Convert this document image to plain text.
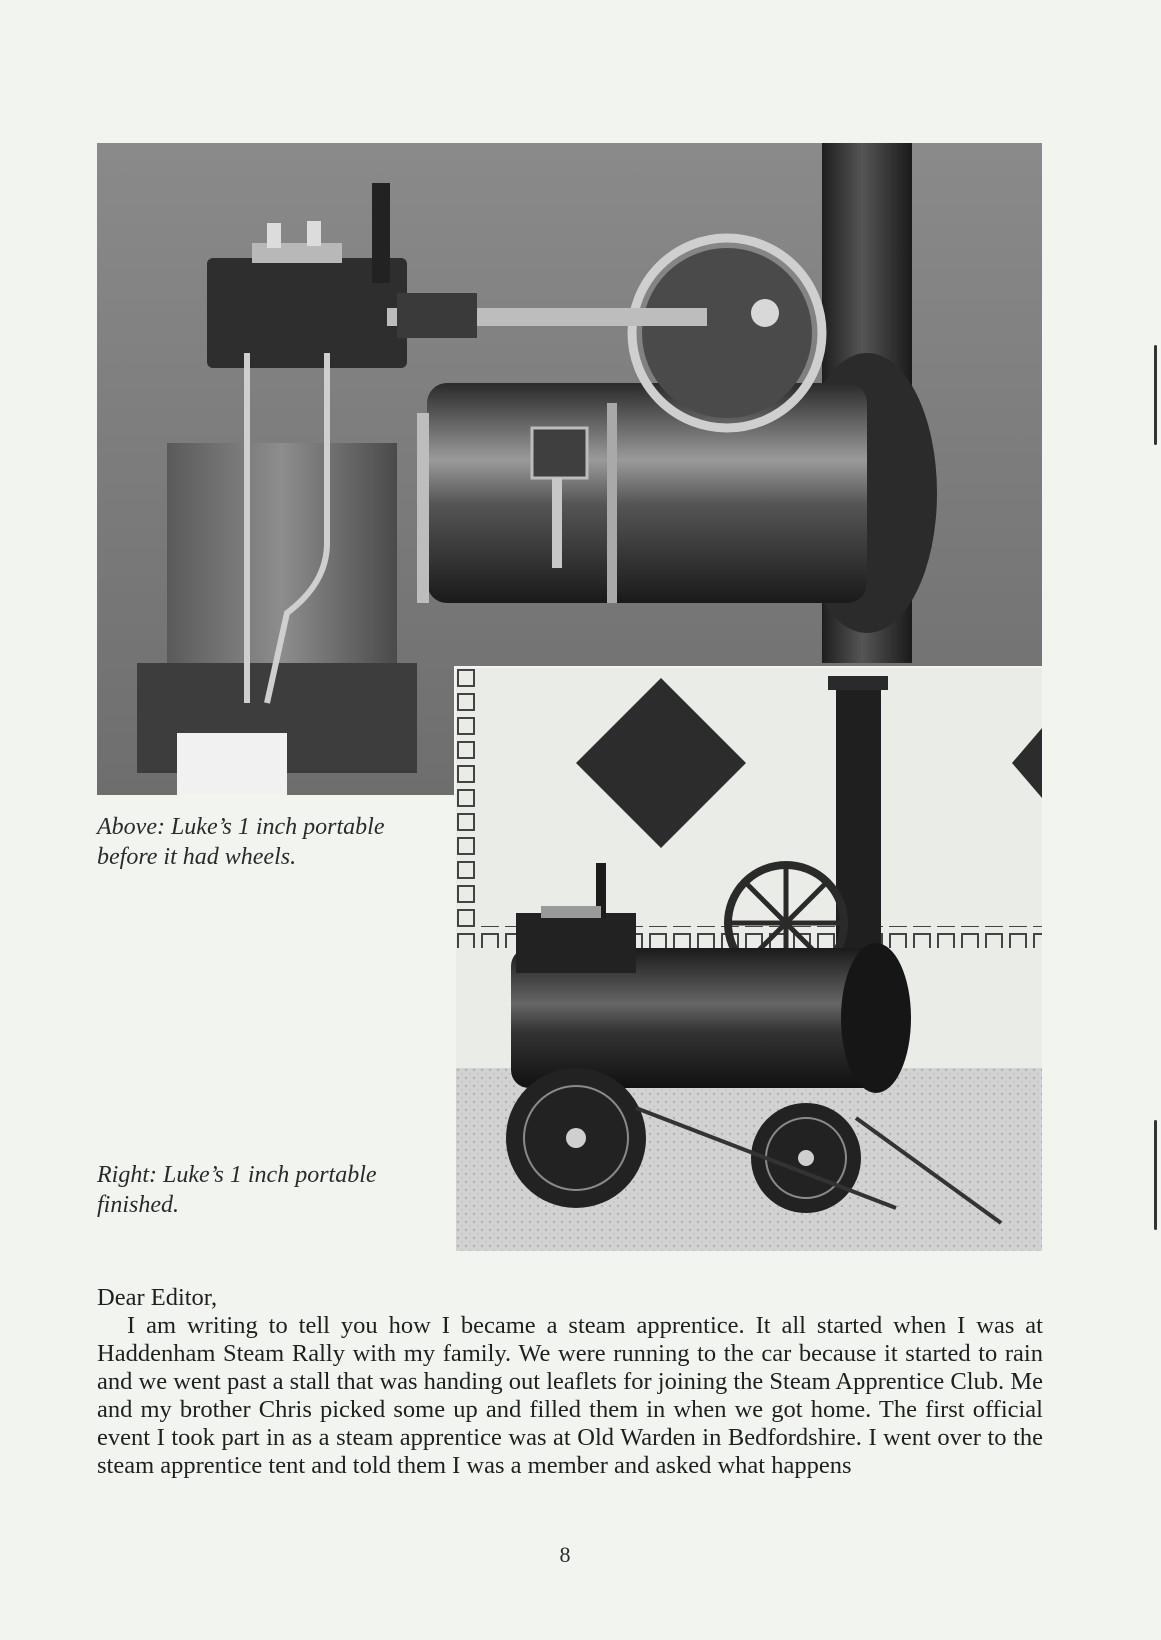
Above: Luke’s 1 inch portable before it had wheels.

Right: Luke’s 1 inch portable finished.

Dear Editor,

I am writing to tell you how I became a steam apprentice. It all started when I was at Haddenham Steam Rally with my family. We were running to the car because it started to rain and we went past a stall that was handing out leaflets for joining the Steam Apprentice Club. Me and my brother Chris picked some up and filled them in when we got home. The first official event I took part in as a steam apprentice was at Old Warden in Bedfordshire. I went over to the steam apprentice tent and told them I was a member and asked what happens

8
